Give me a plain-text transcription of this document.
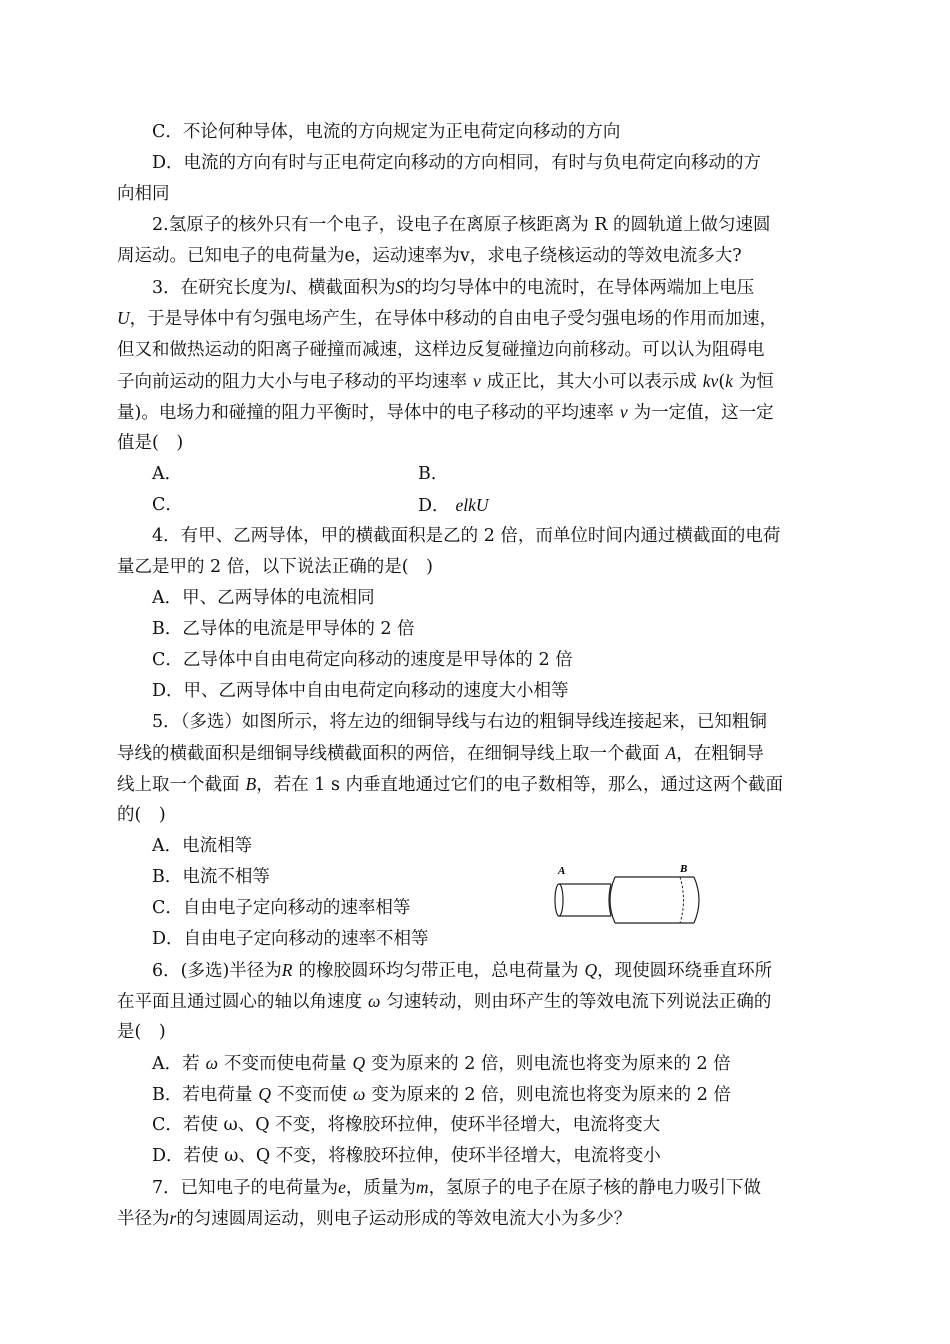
C．不论何种导体，电流的方向规定为正电荷定向移动的方向
D．电流的方向有时与正电荷定向移动的方向相同，有时与负电荷定向移动的方
向相同
2.氢原子的核外只有一个电子，设电子在离原子核距离为 R 的圆轨道上做匀速圆
周运动。已知电子的电荷量为e，运动速率为v，求电子绕核运动的等效电流多大?
3．在研究长度为l、横截面积为S的均匀导体中的电流时，在导体两端加上电压
U，于是导体中有匀强电场产生，在导体中移动的自由电子受匀强电场的作用而加速，
但又和做热运动的阳离子碰撞而减速，这样边反复碰撞边向前移动。可以认为阻碍电
子向前运动的阻力大小与电子移动的平均速率 v 成正比，其大小可以表示成 kv(k 为恒
量)。电场力和碰撞的阻力平衡时，导体中的电子移动的平均速率 v 为一定值，这一定
值是(　)
A．	B．
C．	D． elkU
4．有甲、乙两导体，甲的横截面积是乙的 2 倍，而单位时间内通过横截面的电荷
量乙是甲的 2 倍，以下说法正确的是(　)
A．甲、乙两导体的电流相同
B．乙导体的电流是甲导体的 2 倍
C．乙导体中自由电荷定向移动的速度是甲导体的 2 倍
D．甲、乙两导体中自由电荷定向移动的速度大小相等
5．（多选）如图所示，将左边的细铜导线与右边的粗铜导线连接起来，已知粗铜
导线的横截面积是细铜导线横截面积的两倍，在细铜导线上取一个截面 A，在粗铜导
线上取一个截面 B，若在 1 s 内垂直地通过它们的电子数相等，那么，通过这两个截面
的(　)
A．电流相等
B．电流不相等
C．自由电子定向移动的速率相等
D．自由电子定向移动的速率不相等
A	B
6．(多选)半径为R 的橡胶圆环均匀带正电，总电荷量为 Q，现使圆环绕垂直环所
在平面且通过圆心的轴以角速度 ω 匀速转动，则由环产生的等效电流下列说法正确的
是(　)
A．若 ω 不变而使电荷量 Q 变为原来的 2 倍，则电流也将变为原来的 2 倍
B．若电荷量 Q 不变而使 ω 变为原来的 2 倍，则电流也将变为原来的 2 倍
C．若使 ω、Q 不变，将橡胶环拉伸，使环半径增大，电流将变大
D．若使 ω、Q 不变，将橡胶环拉伸，使环半径增大，电流将变小
7．已知电子的电荷量为e，质量为m，氢原子的电子在原子核的静电力吸引下做
半径为r的匀速圆周运动，则电子运动形成的等效电流大小为多少？
